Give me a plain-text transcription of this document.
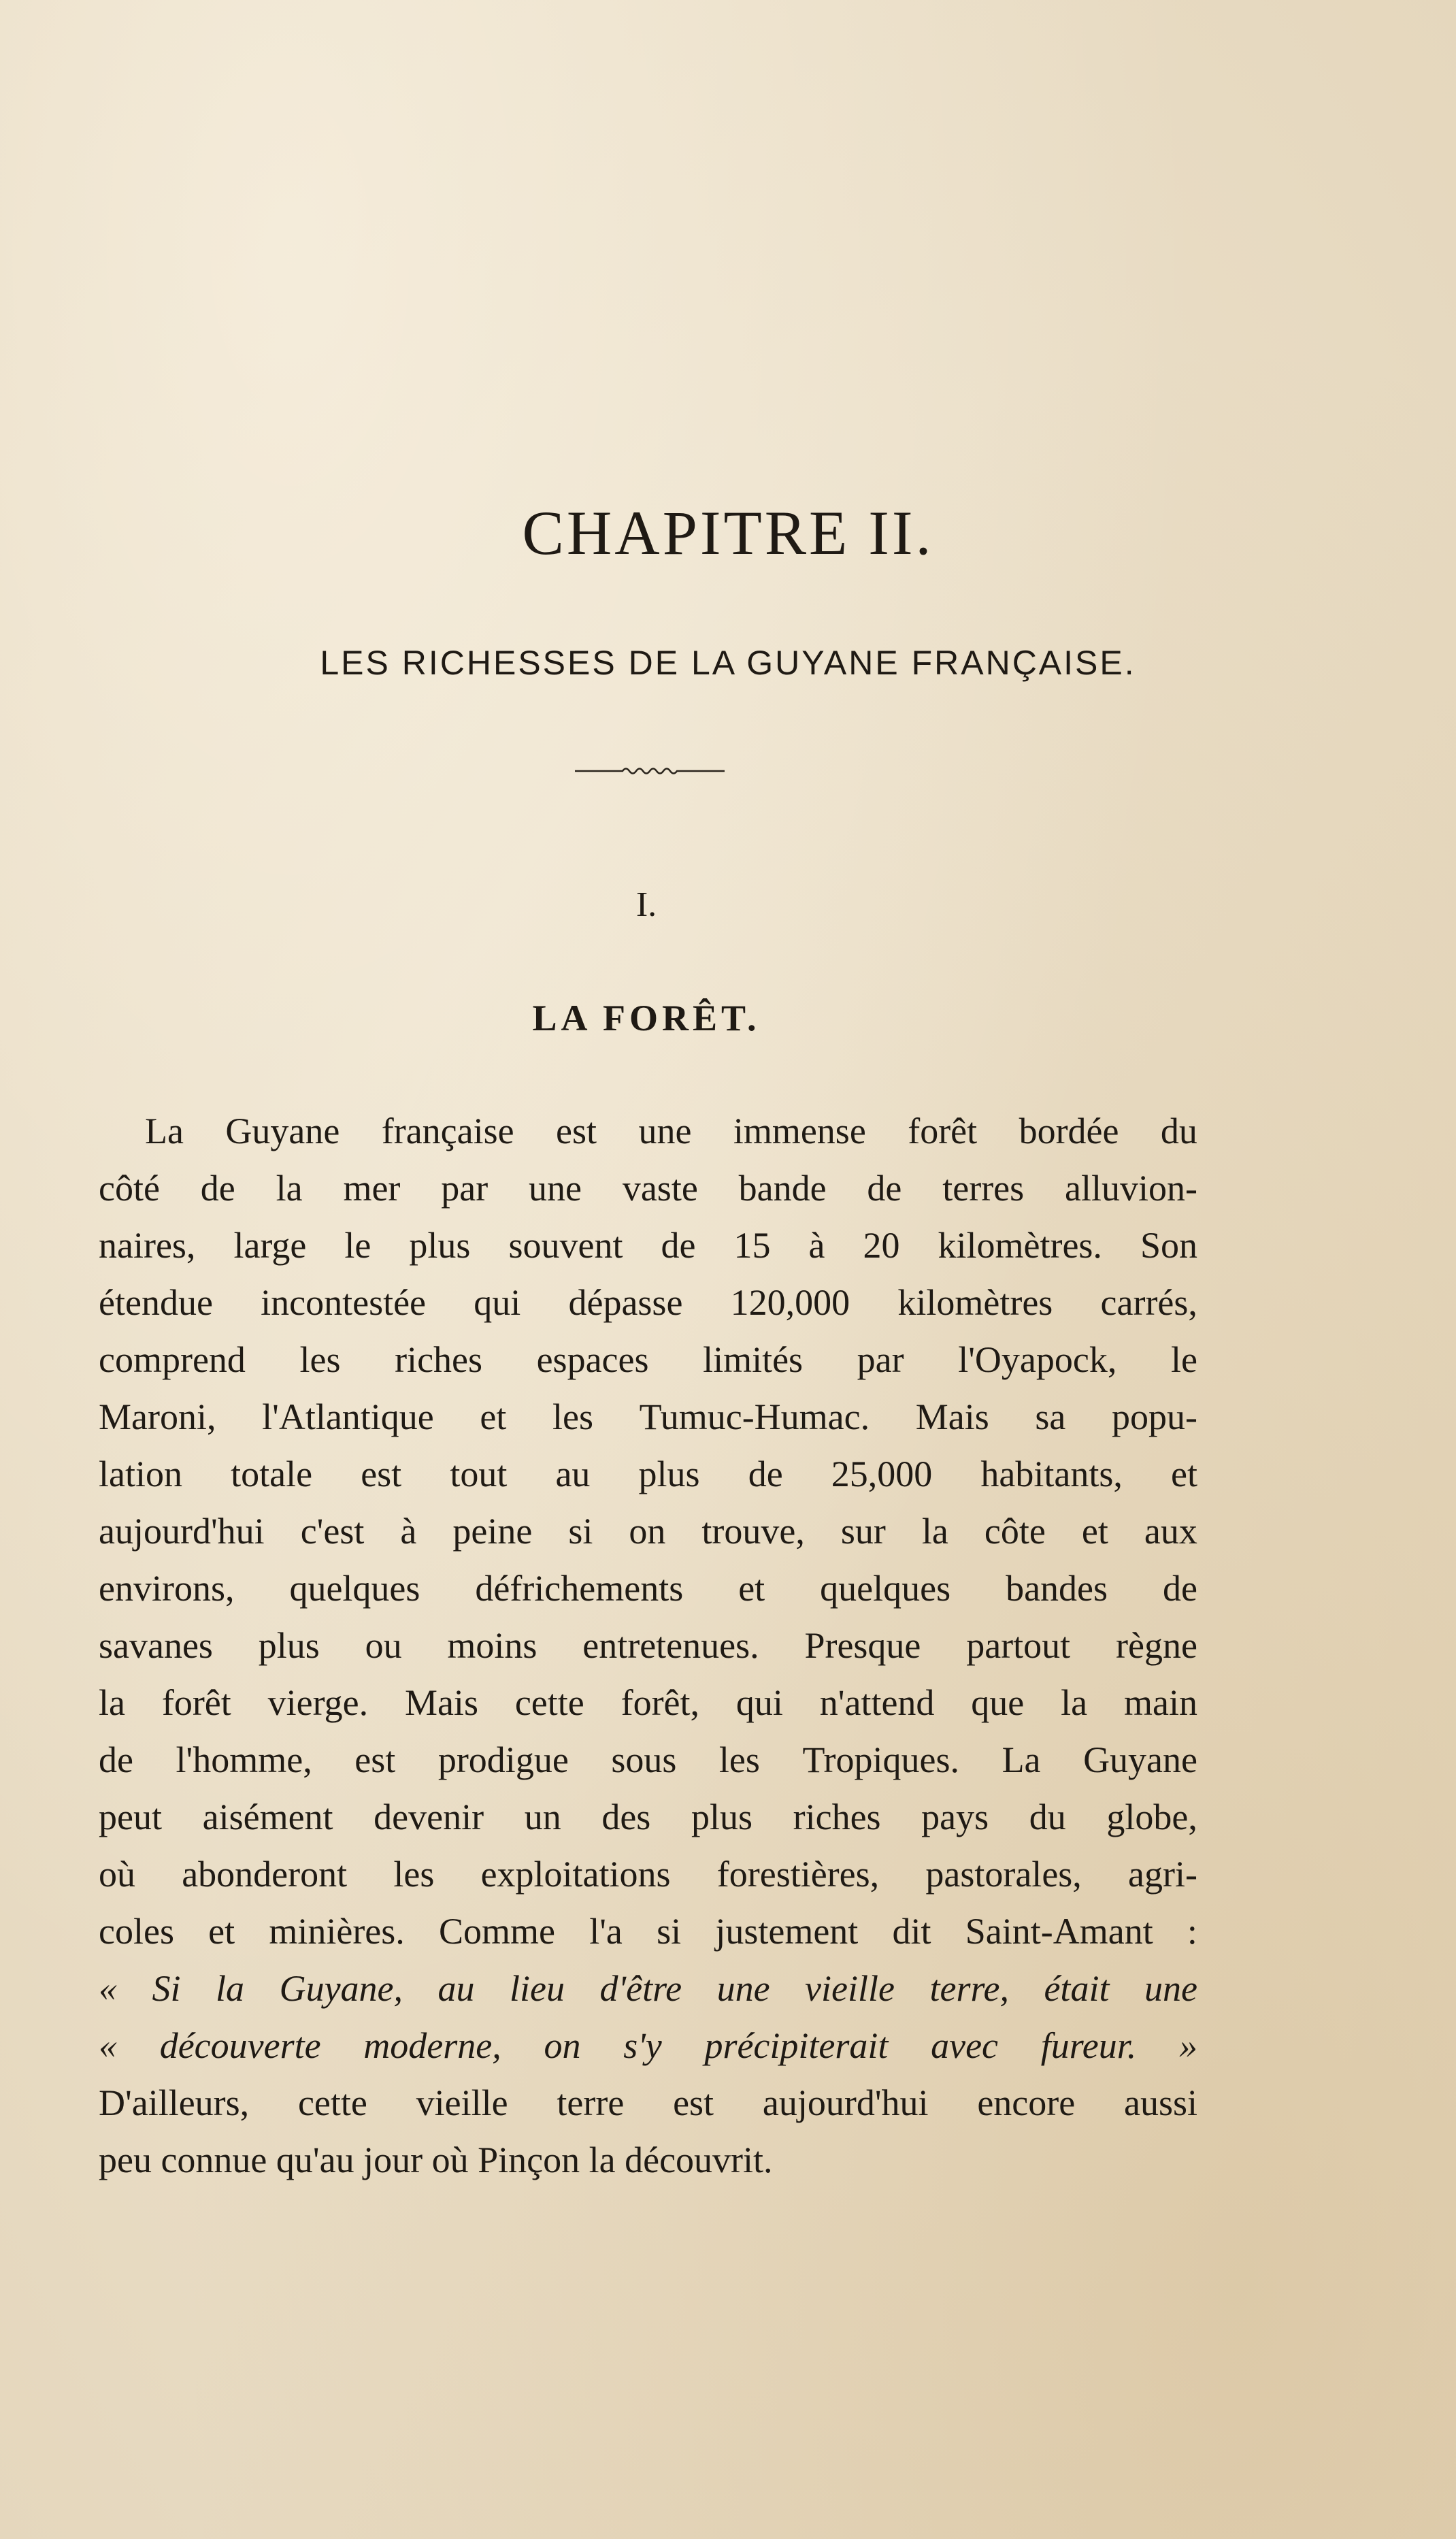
CHAPITRE II.
LES RICHESSES DE LA GUYANE FRANÇAISE.
I.
LA FORÊT.
La Guyane française est une immense forêt bordée du
côté de la mer par une vaste bande de terres alluvion-
naires, large le plus souvent de 15 à 20 kilomètres. Son
étendue incontestée qui dépasse 120,000 kilomètres carrés,
comprend les riches espaces limités par l'Oyapock, le
Maroni, l'Atlantique et les Tumuc-Humac. Mais sa popu-
lation totale est tout au plus de 25,000 habitants, et
aujourd'hui c'est à peine si on trouve, sur la côte et aux
environs, quelques défrichements et quelques bandes de
savanes plus ou moins entretenues. Presque partout règne
la forêt vierge. Mais cette forêt, qui n'attend que la main
de l'homme, est prodigue sous les Tropiques. La Guyane
peut aisément devenir un des plus riches pays du globe,
où abonderont les exploitations forestières, pastorales, agri-
coles et minières. Comme l'a si justement dit Saint-Amant :
« Si la Guyane, au lieu d'être une vieille terre, était une
« découverte moderne, on s'y précipiterait avec fureur. »
D'ailleurs, cette vieille terre est aujourd'hui encore aussi
peu connue qu'au jour où Pinçon la découvrit.
